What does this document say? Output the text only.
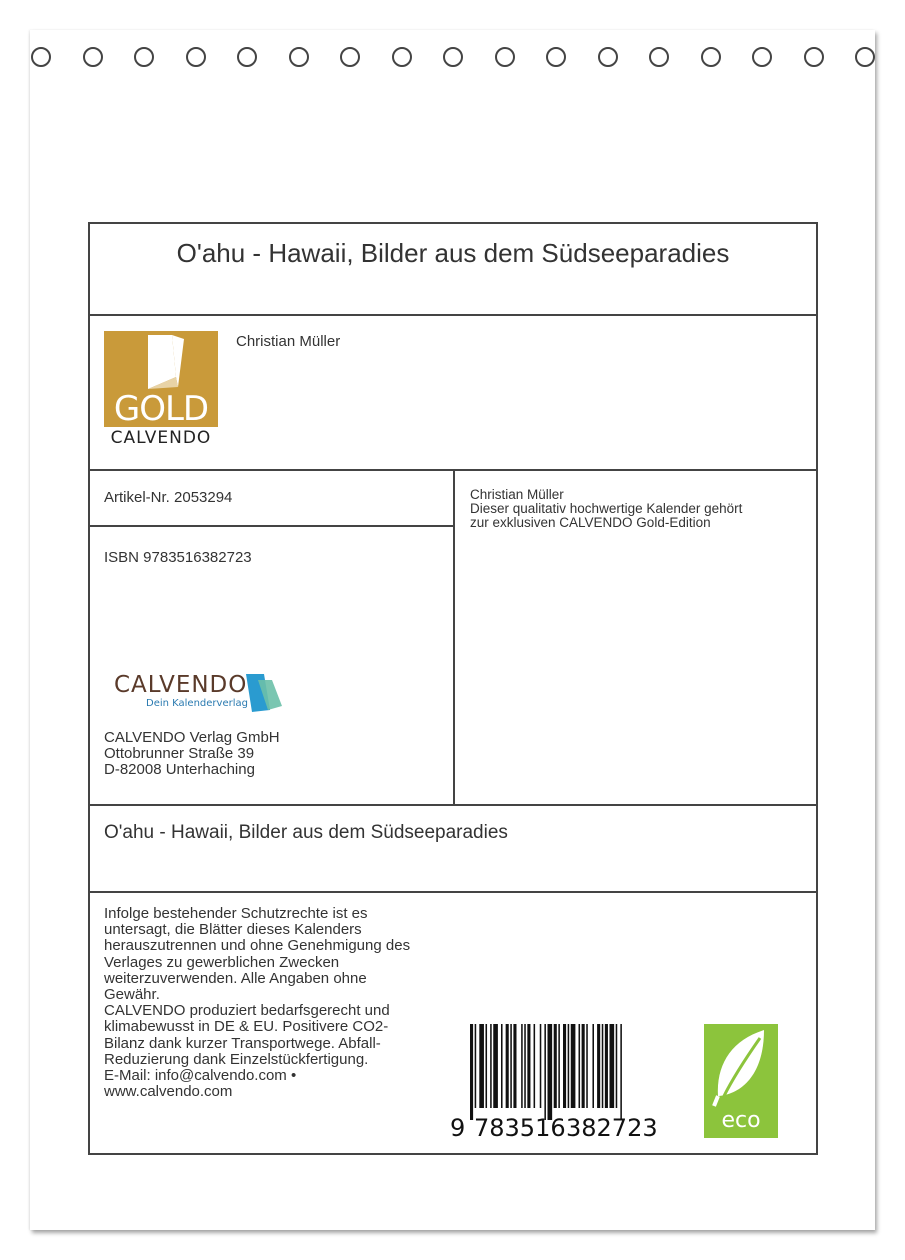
O'ahu - Hawaii, Bilder aus dem Südseeparadies
GOLD
CALVENDO
Christian Müller
Artikel-Nr. 2053294
ISBN 9783516382723
Christian Müller
Dieser qualitativ hochwertige Kalender gehört
zur exklusiven CALVENDO Gold-Edition
CALVENDO
Dein Kalenderverlag
CALVENDO Verlag GmbH
Ottobrunner Straße 39
D-82008 Unterhaching
O'ahu - Hawaii, Bilder aus dem Südseeparadies
Infolge bestehender Schutzrechte ist es
untersagt, die Blätter dieses Kalenders
herauszutrennen und ohne Genehmigung des
Verlages zu gewerblichen Zwecken
weiterzuverwenden. Alle Angaben ohne
Gewähr.
CALVENDO produziert bedarfsgerecht und
klimabewusst in DE & EU. Positivere CO2-
Bilanz dank kurzer Transportwege. Abfall-
Reduzierung dank Einzelstückfertigung.
E-Mail: info@calvendo.com •
www.calvendo.com
9 783516 382723	eco
